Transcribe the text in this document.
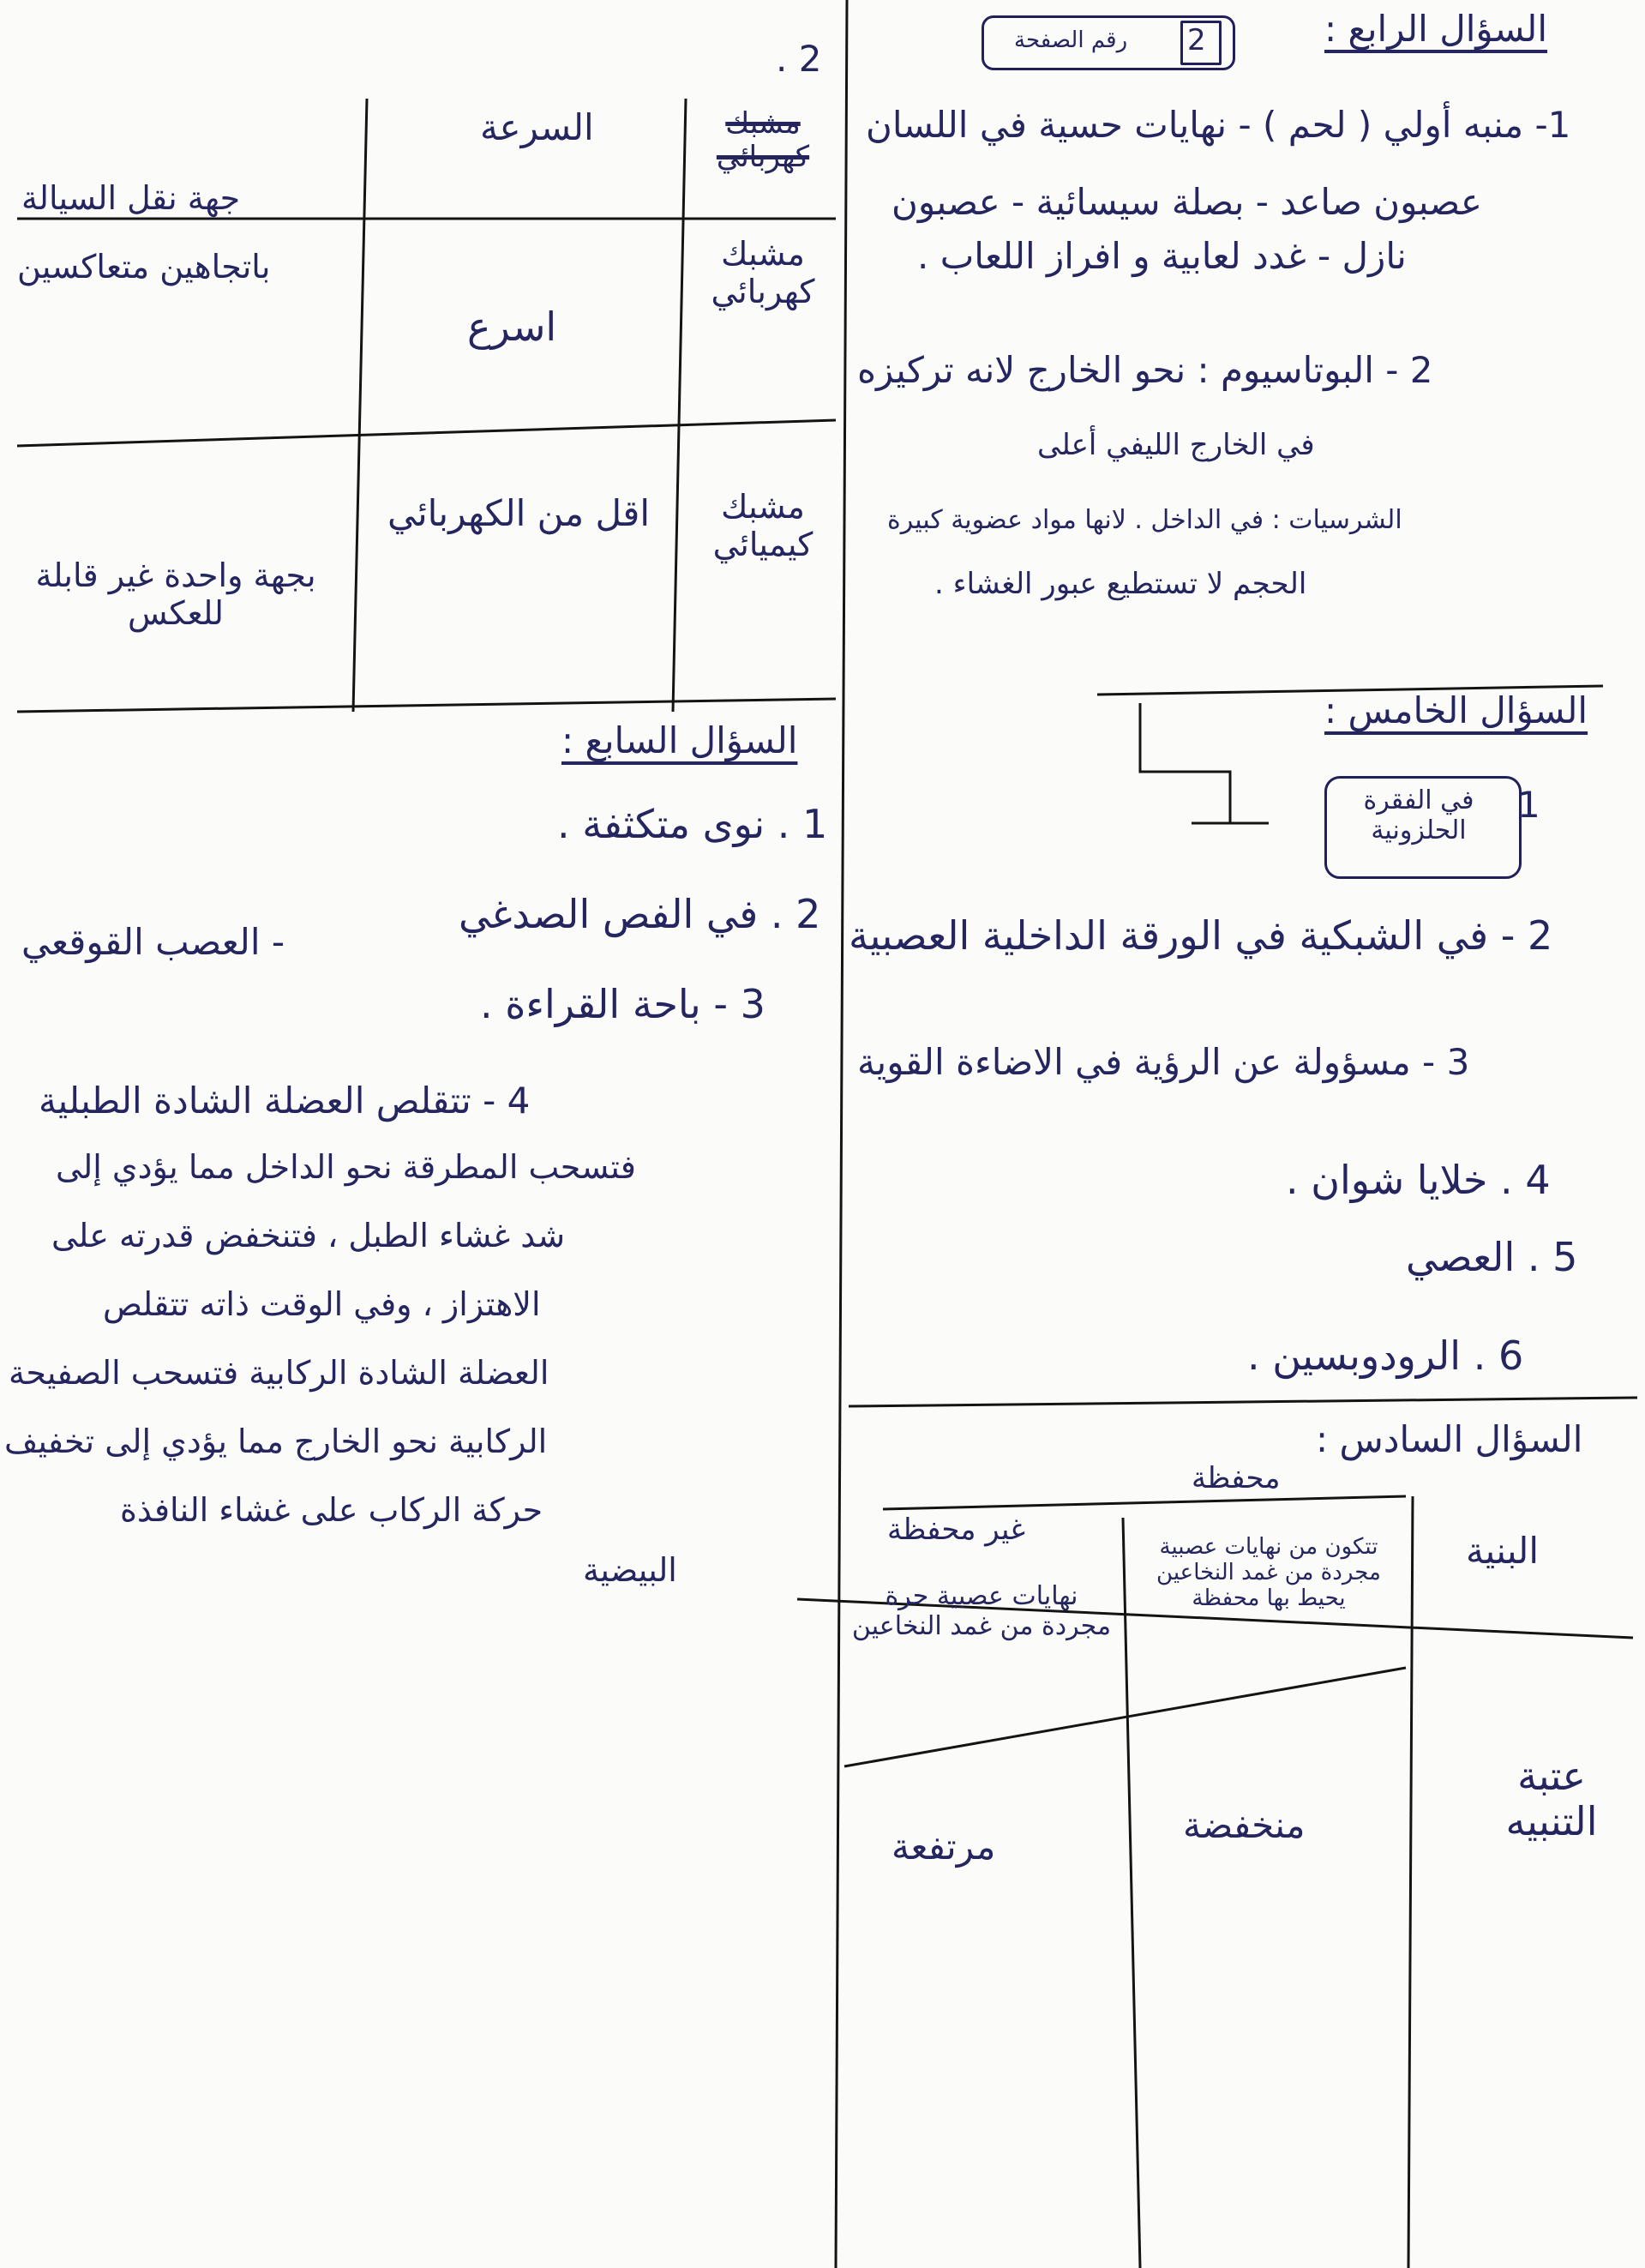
السؤال الرابع :
2
رقم الصفحة
1- منبه أولي ( لحم ) - نهايات حسية في اللسان
عصبون صاعد - بصلة سيسائية - عصبون
نازل - غدد لعابية و افراز اللعاب .
2 - البوتاسيوم : نحو الخارج لانه تركيزه
في الخارج الليفي أعلى
الشرسيات : في الداخل . لانها مواد عضوية كبيرة
الحجم لا تستطيع عبور الغشاء .
السؤال الخامس :
1
في الفقرة الحلزونية
2 - في الشبكية في الورقة الداخلية العصبية
3 - مسؤولة عن الرؤية في الاضاءة القوية
4 . خلايا شوان .
5 . العصي
6 . الرودوبسين .
السؤال السادس :
محفظة
غير محفظة	البنية
تتكون من نهايات عصبية مجردة من غمد النخاعين يحيط بها محفظة
نهايات عصبية حرة مجردة من غمد النخاعين
عتبة التنبيه
منخفضة
مرتفعة
2 .
مشبك كهربائي
السرعة
جهة نقل السيالة
مشبك كهربائي
اسرع
باتجاهين متعاكسين
مشبك كيميائي
اقل من الكهربائي
بجهة واحدة غير قابلة للعكس
السؤال السابع :
1 . نوى متكثفة .
2 . في الفص الصدغي
- العصب القوقعي
3 - باحة القراءة .
4 - تتقلص العضلة الشادة الطبلية
فتسحب المطرقة نحو الداخل مما يؤدي إلى
شد غشاء الطبل ، فتنخفض قدرته على
الاهتزاز ، وفي الوقت ذاته تتقلص
العضلة الشادة الركابية فتسحب الصفيحة
الركابية نحو الخارج مما يؤدي إلى تخفيف
حركة الركاب على غشاء النافذة
البيضية
